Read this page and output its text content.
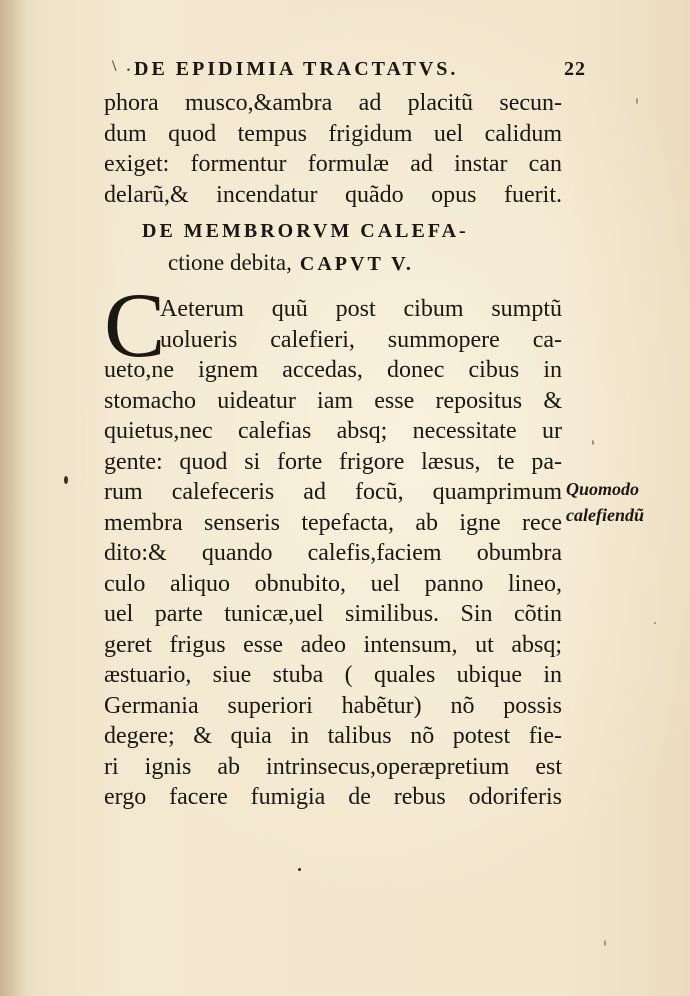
\ . DE EPIDIMIA TRACTATVS.	22
phora musco,&ambra ad placitũ secun-
dum quod tempus frigidum uel calidum
exiget: formentur formulæ ad instar can
delarũ,& incendatur quãdo opus fuerit.
DE MEMBRORVM CALEFA-
ctione debita, CAPVT V.
C
Aeterum quũ post cibum sumptũ
uolueris calefieri, summopere ca-
ueto,ne ignem accedas, donec cibus in
stomacho uideatur iam esse repositus &
quietus,nec calefias absq; necessitate ur
gente: quod si forte frigore læsus, te pa-
rum calefeceris ad focũ, quamprimum
membra senseris tepefacta, ab igne rece
dito:& quando calefis,faciem obumbra
culo aliquo obnubito, uel panno lineo,
uel parte tunicæ,uel similibus. Sin cõtin
geret frigus esse adeo intensum, ut absq;
æstuario, siue stuba ( quales ubique in
Germania superiori habẽtur) nõ possis
degere; & quia in talibus nõ potest fie-
ri ignis ab intrinsecus,operæpretium est
ergo facere fumigia de rebus odoriferis
Quomodo
calefiendũ
